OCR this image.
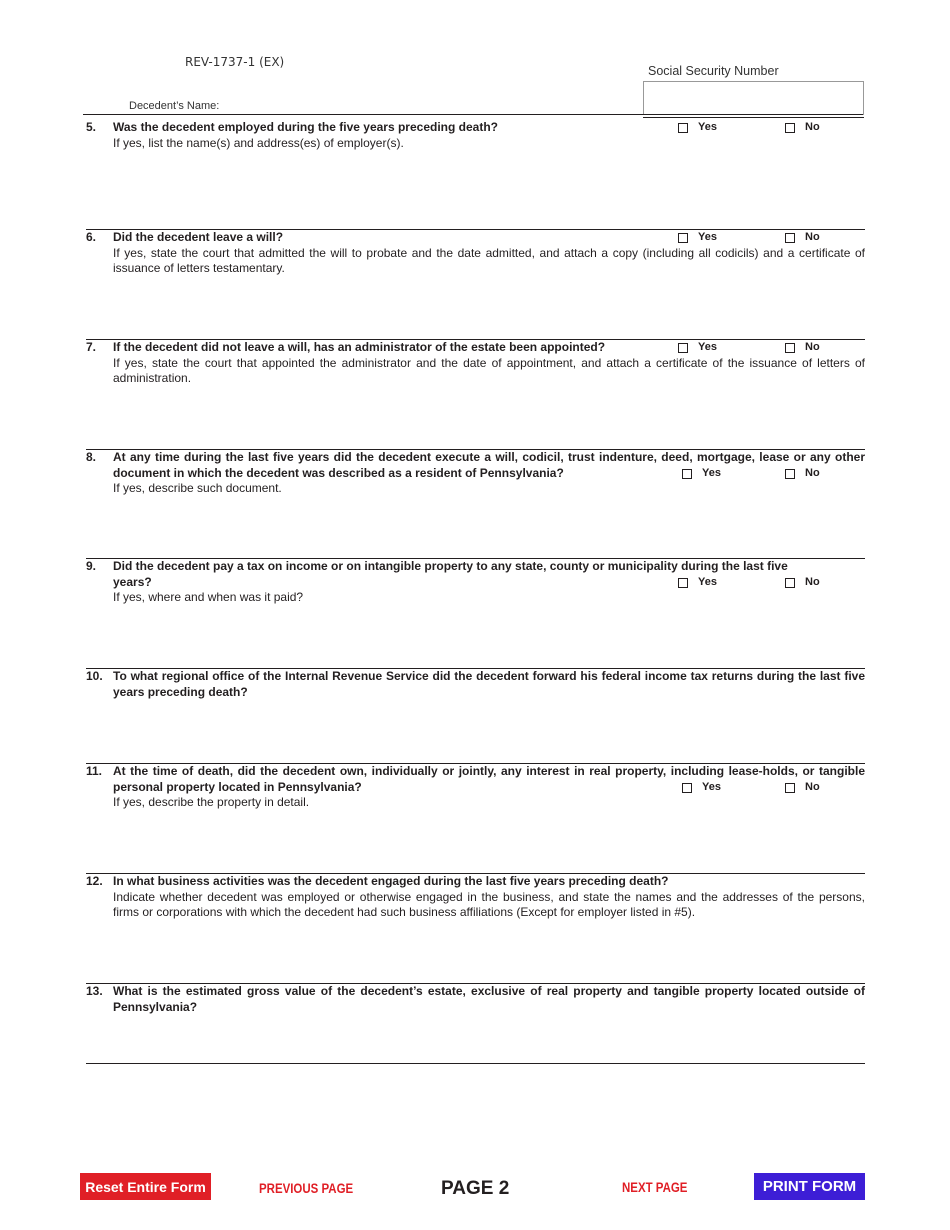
REV-1737-1 (EX)
Social Security Number
Decedent’s Name:
5. Was the decedent employed during the five years preceding death?
If yes, list the name(s) and address(es) of employer(s).
Yes	No
6. Did the decedent leave a will?
If yes, state the court that admitted the will to probate and the date admitted, and attach a copy (including all codicils) and a certificate of issuance of letters testamentary.
Yes	No
7. If the decedent did not leave a will, has an administrator of the estate been appointed?
If yes, state the court that appointed the administrator and the date of appointment, and attach a certificate of the issuance of letters of administration.
Yes	No
8. At any time during the last five years did the decedent execute a will, codicil, trust indenture, deed, mortgage, lease or any other document in which the decedent was described as a resident of Pennsylvania?
If yes, describe such document.
Yes	No
9. Did the decedent pay a tax on income or on intangible property to any state, county or municipality during the last five years?
If yes, where and when was it paid?
Yes	No
10. To what regional office of the Internal Revenue Service did the decedent forward his federal income tax returns during the last five years preceding death?
11. At the time of death, did the decedent own, individually or jointly, any interest in real property, including lease-holds, or tangible personal property located in Pennsylvania?
If yes, describe the property in detail.
Yes	No
12. In what business activities was the decedent engaged during the last five years preceding death?
Indicate whether decedent was employed or otherwise engaged in the business, and state the names and the addresses of the persons, firms or corporations with which the decedent had such business affiliations (Except for employer listed in #5).
13. What is the estimated gross value of the decedent’s estate, exclusive of real property and tangible property located outside of Pennsylvania?
Reset Entire Form	PREVIOUS PAGE	PAGE 2	NEXT PAGE	PRINT FORM
